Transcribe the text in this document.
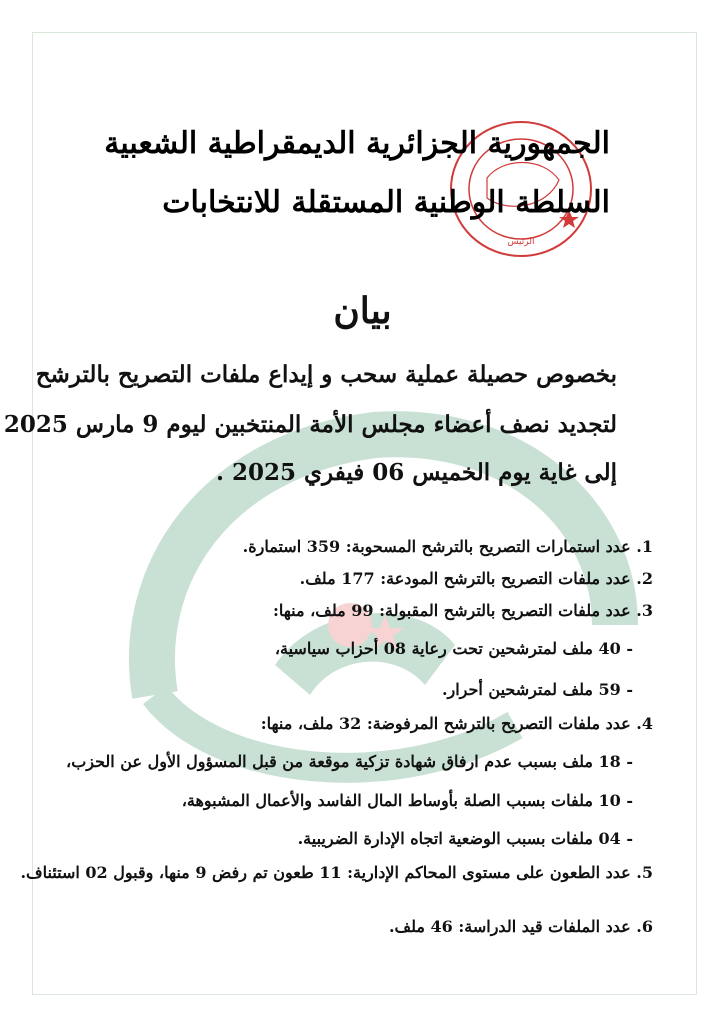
الرئيس
الجمهورية الجزائرية الديمقراطية الشعبية
السلطة الوطنية المستقلة للانتخابات
بيان
بخصوص حصيلة عملية سحب و إيداع ملفات التصريح بالترشح
لتجديد نصف أعضاء مجلس الأمة المنتخبين ليوم 9 مارس 2025
إلى غاية يوم الخميس 06 فيفري 2025 .
1. عدد استمارات التصريح بالترشح المسحوبة: 359 استمارة.
2. عدد ملفات التصريح بالترشح المودعة: 177 ملف.
3. عدد ملفات التصريح بالترشح المقبولة: 99 ملف، منها:
- 40 ملف لمترشحين تحت رعاية 08 أحزاب سياسية،
- 59 ملف لمترشحين أحرار.
4. عدد ملفات التصريح بالترشح المرفوضة: 32 ملف، منها:
- 18 ملف بسبب عدم ارفاق شهادة تزكية موقعة من قبل المسؤول الأول عن الحزب،
- 10 ملفات بسبب الصلة بأوساط المال الفاسد والأعمال المشبوهة،
- 04 ملفات بسبب الوضعية اتجاه الإدارة الضريبية.
5. عدد الطعون على مستوى المحاكم الإدارية: 11 طعون تم رفض 9 منها، وقبول 02 استئناف.
6. عدد الملفات قيد الدراسة: 46 ملف.
